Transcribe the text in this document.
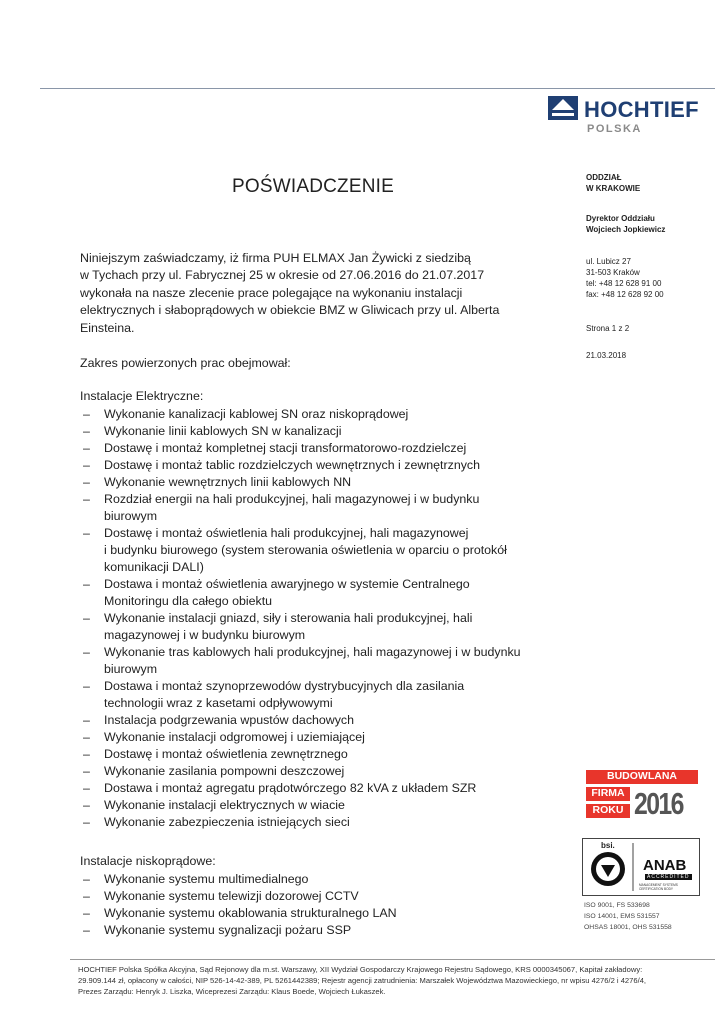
HOCHTIEF
POLSKA
POŚWIADCZENIE	ODDZIAŁ
W KRAKOWIE
Dyrektor Oddziału
Wojciech Jopkiewicz
ul. Lubicz 27
31-503 Kraków
tel: +48 12 628 91 00
fax: +48 12 628 92 00
Strona 1 z 2
21.03.2018
Niniejszym zaświadczamy, iż firma PUH ELMAX Jan Żywicki z siedzibą
w Tychach przy ul. Fabrycznej 25 w okresie od 27.06.2016 do 21.07.2017
wykonała na nasze zlecenie prace polegające na wykonaniu instalacji
elektrycznych i słaboprądowych w obiekcie BMZ w Gliwicach przy ul. Alberta
Einsteina.
Zakres powierzonych prac obejmował:
Instalacje Elektryczne:
– Wykonanie kanalizacji kablowej SN oraz niskoprądowej
– Wykonanie linii kablowych SN w kanalizacji
– Dostawę i montaż kompletnej stacji transformatorowo-rozdzielczej
– Dostawę i montaż tablic rozdzielczych wewnętrznych i zewnętrznych
– Wykonanie wewnętrznych linii kablowych NN
– Rozdział energii na hali produkcyjnej, hali magazynowej i w budynku
biurowym
– Dostawę i montaż oświetlenia hali produkcyjnej, hali magazynowej
i budynku biurowego (system sterowania oświetlenia w oparciu o protokół
komunikacji DALI)
– Dostawa i montaż oświetlenia awaryjnego w systemie Centralnego
Monitoringu dla całego obiektu
– Wykonanie instalacji gniazd, siły i sterowania hali produkcyjnej, hali
magazynowej i w budynku biurowym
– Wykonanie tras kablowych hali produkcyjnej, hali magazynowej i w budynku
biurowym
– Dostawa i montaż szynoprzewodów dystrybucyjnych dla zasilania
technologii wraz z kasetami odpływowymi
– Instalacja podgrzewania wpustów dachowych
– Wykonanie instalacji odgromowej i uziemiającej
– Dostawę i montaż oświetlenia zewnętrznego
– Wykonanie zasilania pompowni deszczowej
– Dostawa i montaż agregatu prądotwórczego 82 kVA z układem SZR
– Wykonanie instalacji elektrycznych w wiacie
– Wykonanie zabezpieczenia istniejących sieci
Instalacje niskoprądowe:
– Wykonanie systemu multimedialnego
– Wykonanie systemu telewizji dozorowej CCTV
– Wykonanie systemu okablowania strukturalnego LAN
– Wykonanie systemu sygnalizacji pożaru SSP
BUDOWLANA
FIRMA
ROKU 2016
bsi.
ANAB
ACCREDITED
MANAGEMENT SYSTEMS CERTIFICATION BODY
ISO 9001, FS 533698
ISO 14001, EMS 531557
OHSAS 18001, OHS 531558
HOCHTIEF Polska Spółka Akcyjna, Sąd Rejonowy dla m.st. Warszawy, XII Wydział Gospodarczy Krajowego Rejestru Sądowego, KRS 0000345067, Kapitał zakładowy:
29.909.144 zł, opłacony w całości, NIP 526-14-42-389, PL 5261442389; Rejestr agencji zatrudnienia: Marszałek Województwa Mazowieckiego, nr wpisu 4276/2 i 4276/4,
Prezes Zarządu: Henryk J. Liszka, Wiceprezesi Zarządu: Klaus Boede, Wojciech Łukaszek.
